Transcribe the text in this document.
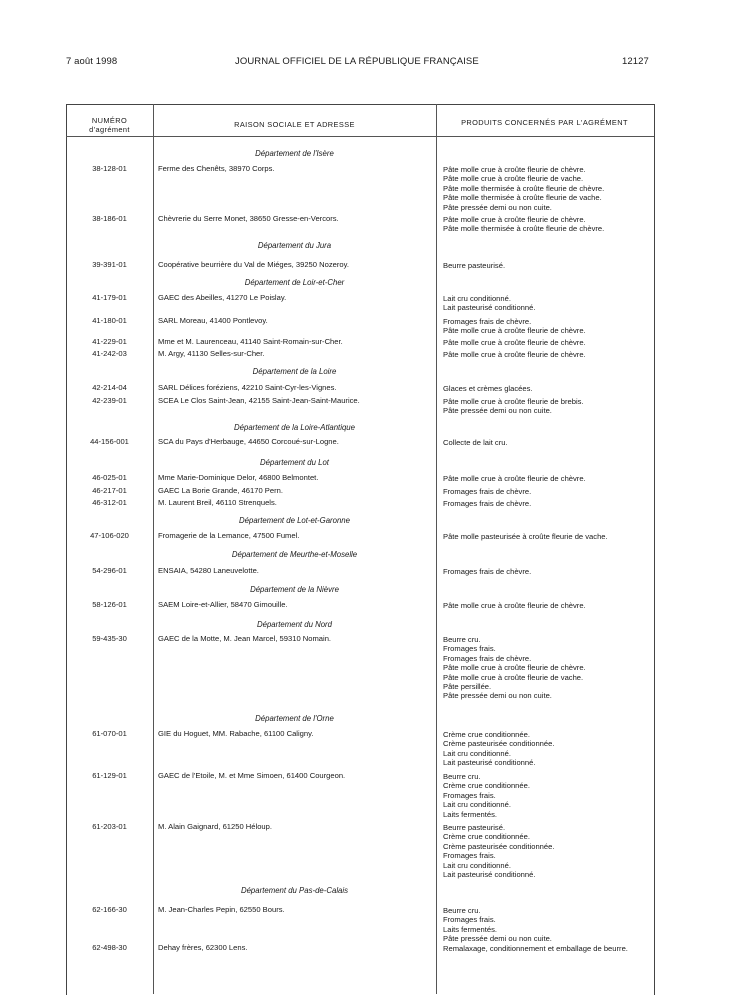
7 août 1998	JOURNAL OFFICIEL DE LA RÉPUBLIQUE FRANÇAISE	12127
NUMÉRO
d'agrément
RAISON SOCIALE ET ADRESSE	PRODUITS CONCERNÉS PAR L'AGRÉMENT
Département de l'Isère
38-128-01	Ferme des Chenêts, 38970 Corps.	Pâte molle crue à croûte fleurie de chèvre.
Pâte molle crue à croûte fleurie de vache.
Pâte molle thermisée à croûte fleurie de chèvre.
Pâte molle thermisée à croûte fleurie de vache.
Pâte pressée demi ou non cuite.
38-186-01	Chèvrerie du Serre Monet, 38650 Gresse-en-Vercors.	Pâte molle crue à croûte fleurie de chèvre.
Pâte molle thermisée à croûte fleurie de chèvre.
Département du Jura
39-391-01	Coopérative beurrière du Val de Miéges, 39250 Nozeroy.	Beurre pasteurisé.
Département de Loir-et-Cher
41-179-01	GAEC des Abeilles, 41270 Le Poislay.	Lait cru conditionné.
Lait pasteurisé conditionné.
41-180-01	SARL Moreau, 41400 Pontlevoy.	Fromages frais de chèvre.
Pâte molle crue à croûte fleurie de chèvre.
41-229-01	Mme et M. Laurenceau, 41140 Saint-Romain-sur-Cher.	Pâte molle crue à croûte fleurie de chèvre.
41-242-03	M. Argy, 41130 Selles-sur-Cher.	Pâte molle crue à croûte fleurie de chèvre.
Département de la Loire
42-214-04	SARL Délices foréziens, 42210 Saint-Cyr-les-Vignes.	Glaces et crèmes glacées.
42-239-01	SCEA Le Clos Saint-Jean, 42155 Saint-Jean-Saint-Maurice.	Pâte molle crue à croûte fleurie de brebis.
Pâte pressée demi ou non cuite.
Département de la Loire-Atlantique
44-156-001	SCA du Pays d'Herbauge, 44650 Corcoué-sur-Logne.	Collecte de lait cru.
Département du Lot
46-025-01	Mme Marie-Dominique Delor, 46800 Belmontet.	Pâte molle crue à croûte fleurie de chèvre.
46-217-01	GAEC La Borie Grande, 46170 Pern.	Fromages frais de chèvre.
46-312-01	M. Laurent Breil, 46110 Strenquels.	Fromages frais de chèvre.
Département de Lot-et-Garonne
47-106-020	Fromagerie de la Lemance, 47500 Fumel.	Pâte molle pasteurisée à croûte fleurie de vache.
Département de Meurthe-et-Moselle
54-296-01	ENSAIA, 54280 Laneuvelotte.	Fromages frais de chèvre.
Département de la Nièvre
58-126-01	SAEM Loire-et-Allier, 58470 Gimouille.	Pâte molle crue à croûte fleurie de chèvre.
Département du Nord
59-435-30	GAEC de la Motte, M. Jean Marcel, 59310 Nomain.	Beurre cru.
Fromages frais.
Fromages frais de chèvre.
Pâte molle crue à croûte fleurie de chèvre.
Pâte molle crue à croûte fleurie de vache.
Pâte persillée.
Pâte pressée demi ou non cuite.
Département de l'Orne
61-070-01	GIE du Hoguet, MM. Rabache, 61100 Caligny.	Crème crue conditionnée.
Crème pasteurisée conditionnée.
Lait cru conditionné.
Lait pasteurisé conditionné.
61-129-01	GAEC de l'Etoile, M. et Mme Simoen, 61400 Courgeon.	Beurre cru.
Crème crue conditionnée.
Fromages frais.
Lait cru conditionné.
Laits fermentés.
61-203-01	M. Alain Gaignard, 61250 Héloup.	Beurre pasteurisé.
Crème crue conditionnée.
Crème pasteurisée conditionnée.
Fromages frais.
Lait cru conditionné.
Lait pasteurisé conditionné.
Département du Pas-de-Calais
62-166-30	M. Jean-Charles Pepin, 62550 Bours.	Beurre cru.
Fromages frais.
Laits fermentés.
Pâte pressée demi ou non cuite.
62-498-30	Dehay frères, 62300 Lens.	Remalaxage, conditionnement et emballage de beurre.
